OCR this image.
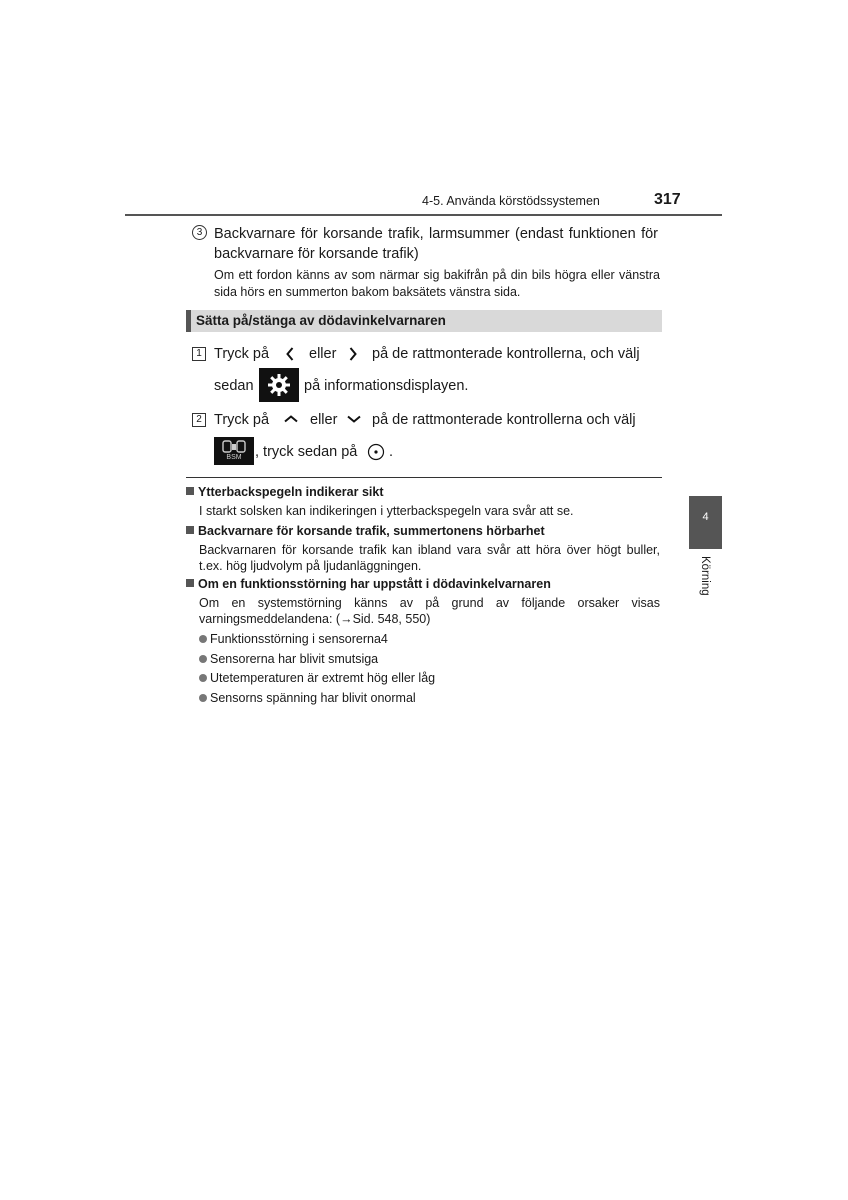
4-5. Använda körstödssystemen	317
3 Backvarnare för korsande trafik, larmsummer (endast funktionen för backvarnare för korsande trafik)
Om ett fordon känns av som närmar sig bakifrån på din bils högra eller vänstra sida hörs en summerton bakom baksätets vänstra sida.
Sätta på/stänga av dödavinkelvarnaren
1 Tryck på	eller på de rattmonterade kontrollerna, och välj
sedan	på informationsdisplayen.
2 Tryck på	eller på de rattmonterade kontrollerna och välj
BSM , tryck sedan på .
Ytterbackspegeln indikerar sikt
I starkt solsken kan indikeringen i ytterbackspegeln vara svår att se.
Backvarnare för korsande trafik, summertonens hörbarhet
Backvarnaren för korsande trafik kan ibland vara svår att höra över högt buller, t.ex. hög ljudvolym på ljudanläggningen.
Om en funktionsstörning har uppstått i dödavinkelvarnaren
Om en systemstörning känns av på grund av följande orsaker visas varningsmeddelandena: (→Sid. 548, 550)
Funktionsstörning i sensorerna4
Sensorerna har blivit smutsiga
Utetemperaturen är extremt hög eller låg
Sensorns spänning har blivit onormal
4
Körning
